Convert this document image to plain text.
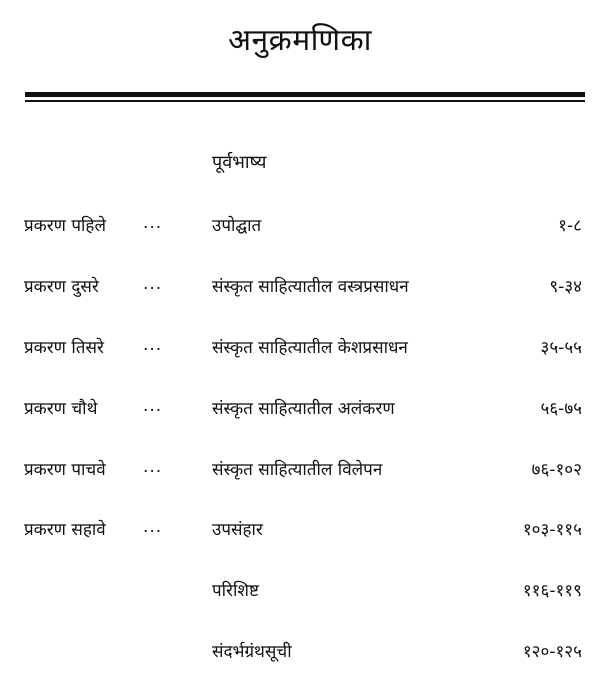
अनुक्रमणिका
पूर्वभाष्य
प्रकरण पहिले ...	उपोद्घात	१-८
प्रकरण दुसरे	...	संस्कृत साहित्यातील वस्त्रप्रसाधन	९-३४
प्रकरण तिसरे ...	संस्कृत साहित्यातील केशप्रसाधन	३५-५५
प्रकरण चौथे	...	संस्कृत साहित्यातील अलंकरण	५६-७५
प्रकरण पाचवे ...	संस्कृत साहित्यातील विलेपन	७६-१०२
प्रकरण सहावे ...	उपसंहार	१०३-११५
परिशिष्ट	११६-११९
संदर्भग्रंथसूची	१२०-१२५
